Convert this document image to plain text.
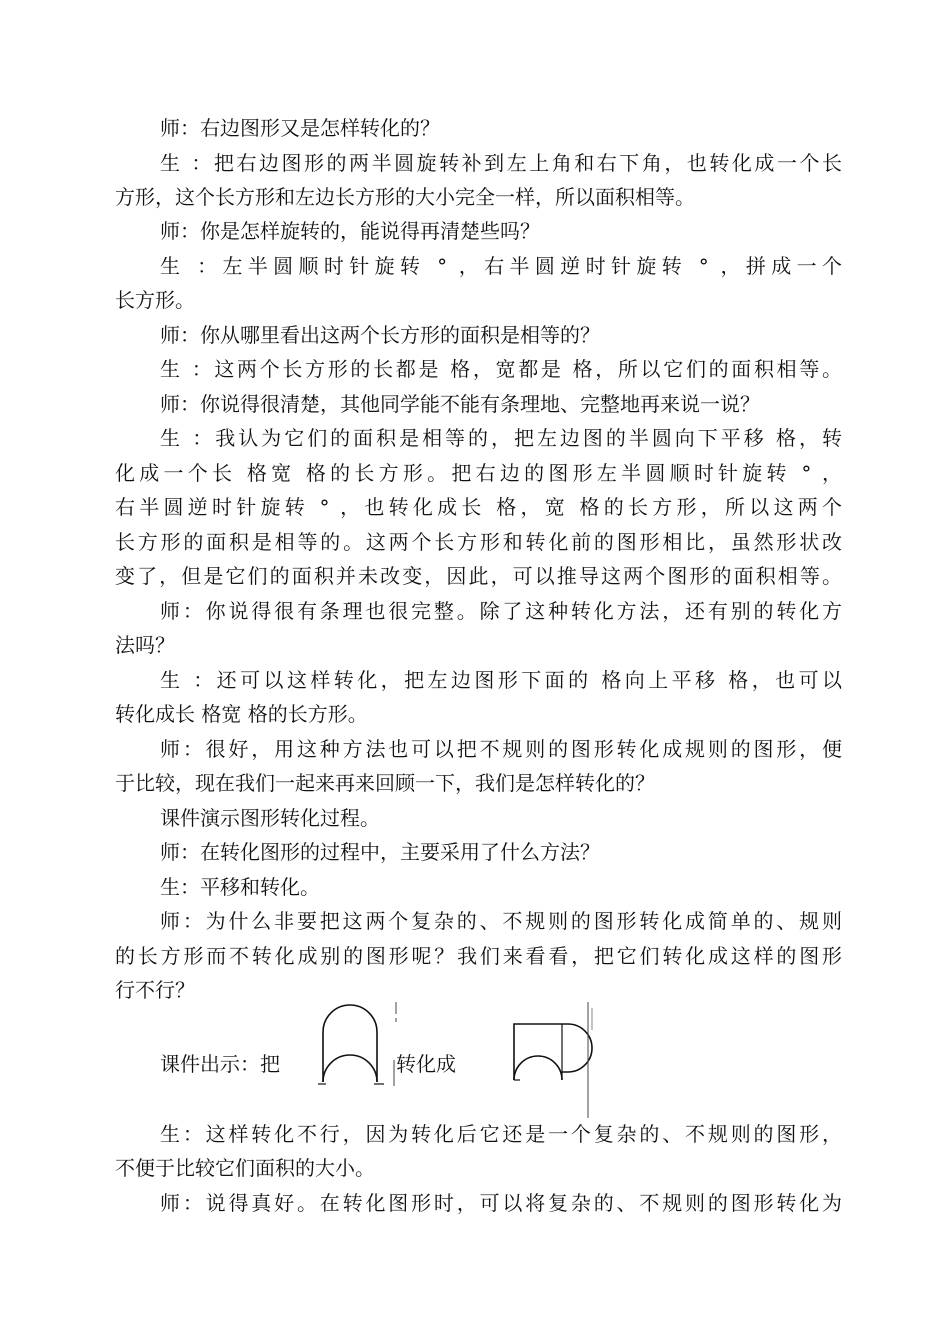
师：右边图形又是怎样转化的？
生 ：把右边图形的两半圆旋转补到左上角和右下角，也转化成一个长
方形，这个长方形和左边长方形的大小完全一样，所以面积相等。
师：你是怎样旋转的，能说得再清楚些吗？
生 ：左半圆顺时针旋转 ° ，右半圆逆时针旋转 ° ，拼成一个
长方形。
师：你从哪里看出这两个长方形的面积是相等的？
生 ：这两个长方形的长都是 格，宽都是 格，所以它们的面积相等。
师：你说得很清楚，其他同学能不能有条理地、完整地再来说一说？
生 ：我认为它们的面积是相等的，把左边图的半圆向下平移 格，转
化成一个长 格宽 格的长方形。把右边的图形左半圆顺时针旋转 ° ，
右半圆逆时针旋转 ° ，也转化成长 格，宽 格的长方形，所以这两个
长方形的面积是相等的。这两个长方形和转化前的图形相比，虽然形状改
变了，但是它们的面积并未改变，因此，可以推导这两个图形的面积相等。
师：你说得很有条理也很完整。除了这种转化方法，还有别的转化方
法吗？
生 ：还可以这样转化，把左边图形下面的 格向上平移 格，也可以
转化成长 格宽 格的长方形。
师：很好，用这种方法也可以把不规则的图形转化成规则的图形，便
于比较，现在我们一起来再来回顾一下，我们是怎样转化的？
课件演示图形转化过程。
师：在转化图形的过程中，主要采用了什么方法？
生：平移和转化。
师：为什么非要把这两个复杂的、不规则的图形转化成简单的、规则
的长方形而不转化成别的图形呢？我们来看看，把它们转化成这样的图形
行不行？
课件出示：把	转化成
生：这样转化不行，因为转化后它还是一个复杂的、不规则的图形，
不便于比较它们面积的大小。
师：说得真好。在转化图形时，可以将复杂的、不规则的图形转化为
